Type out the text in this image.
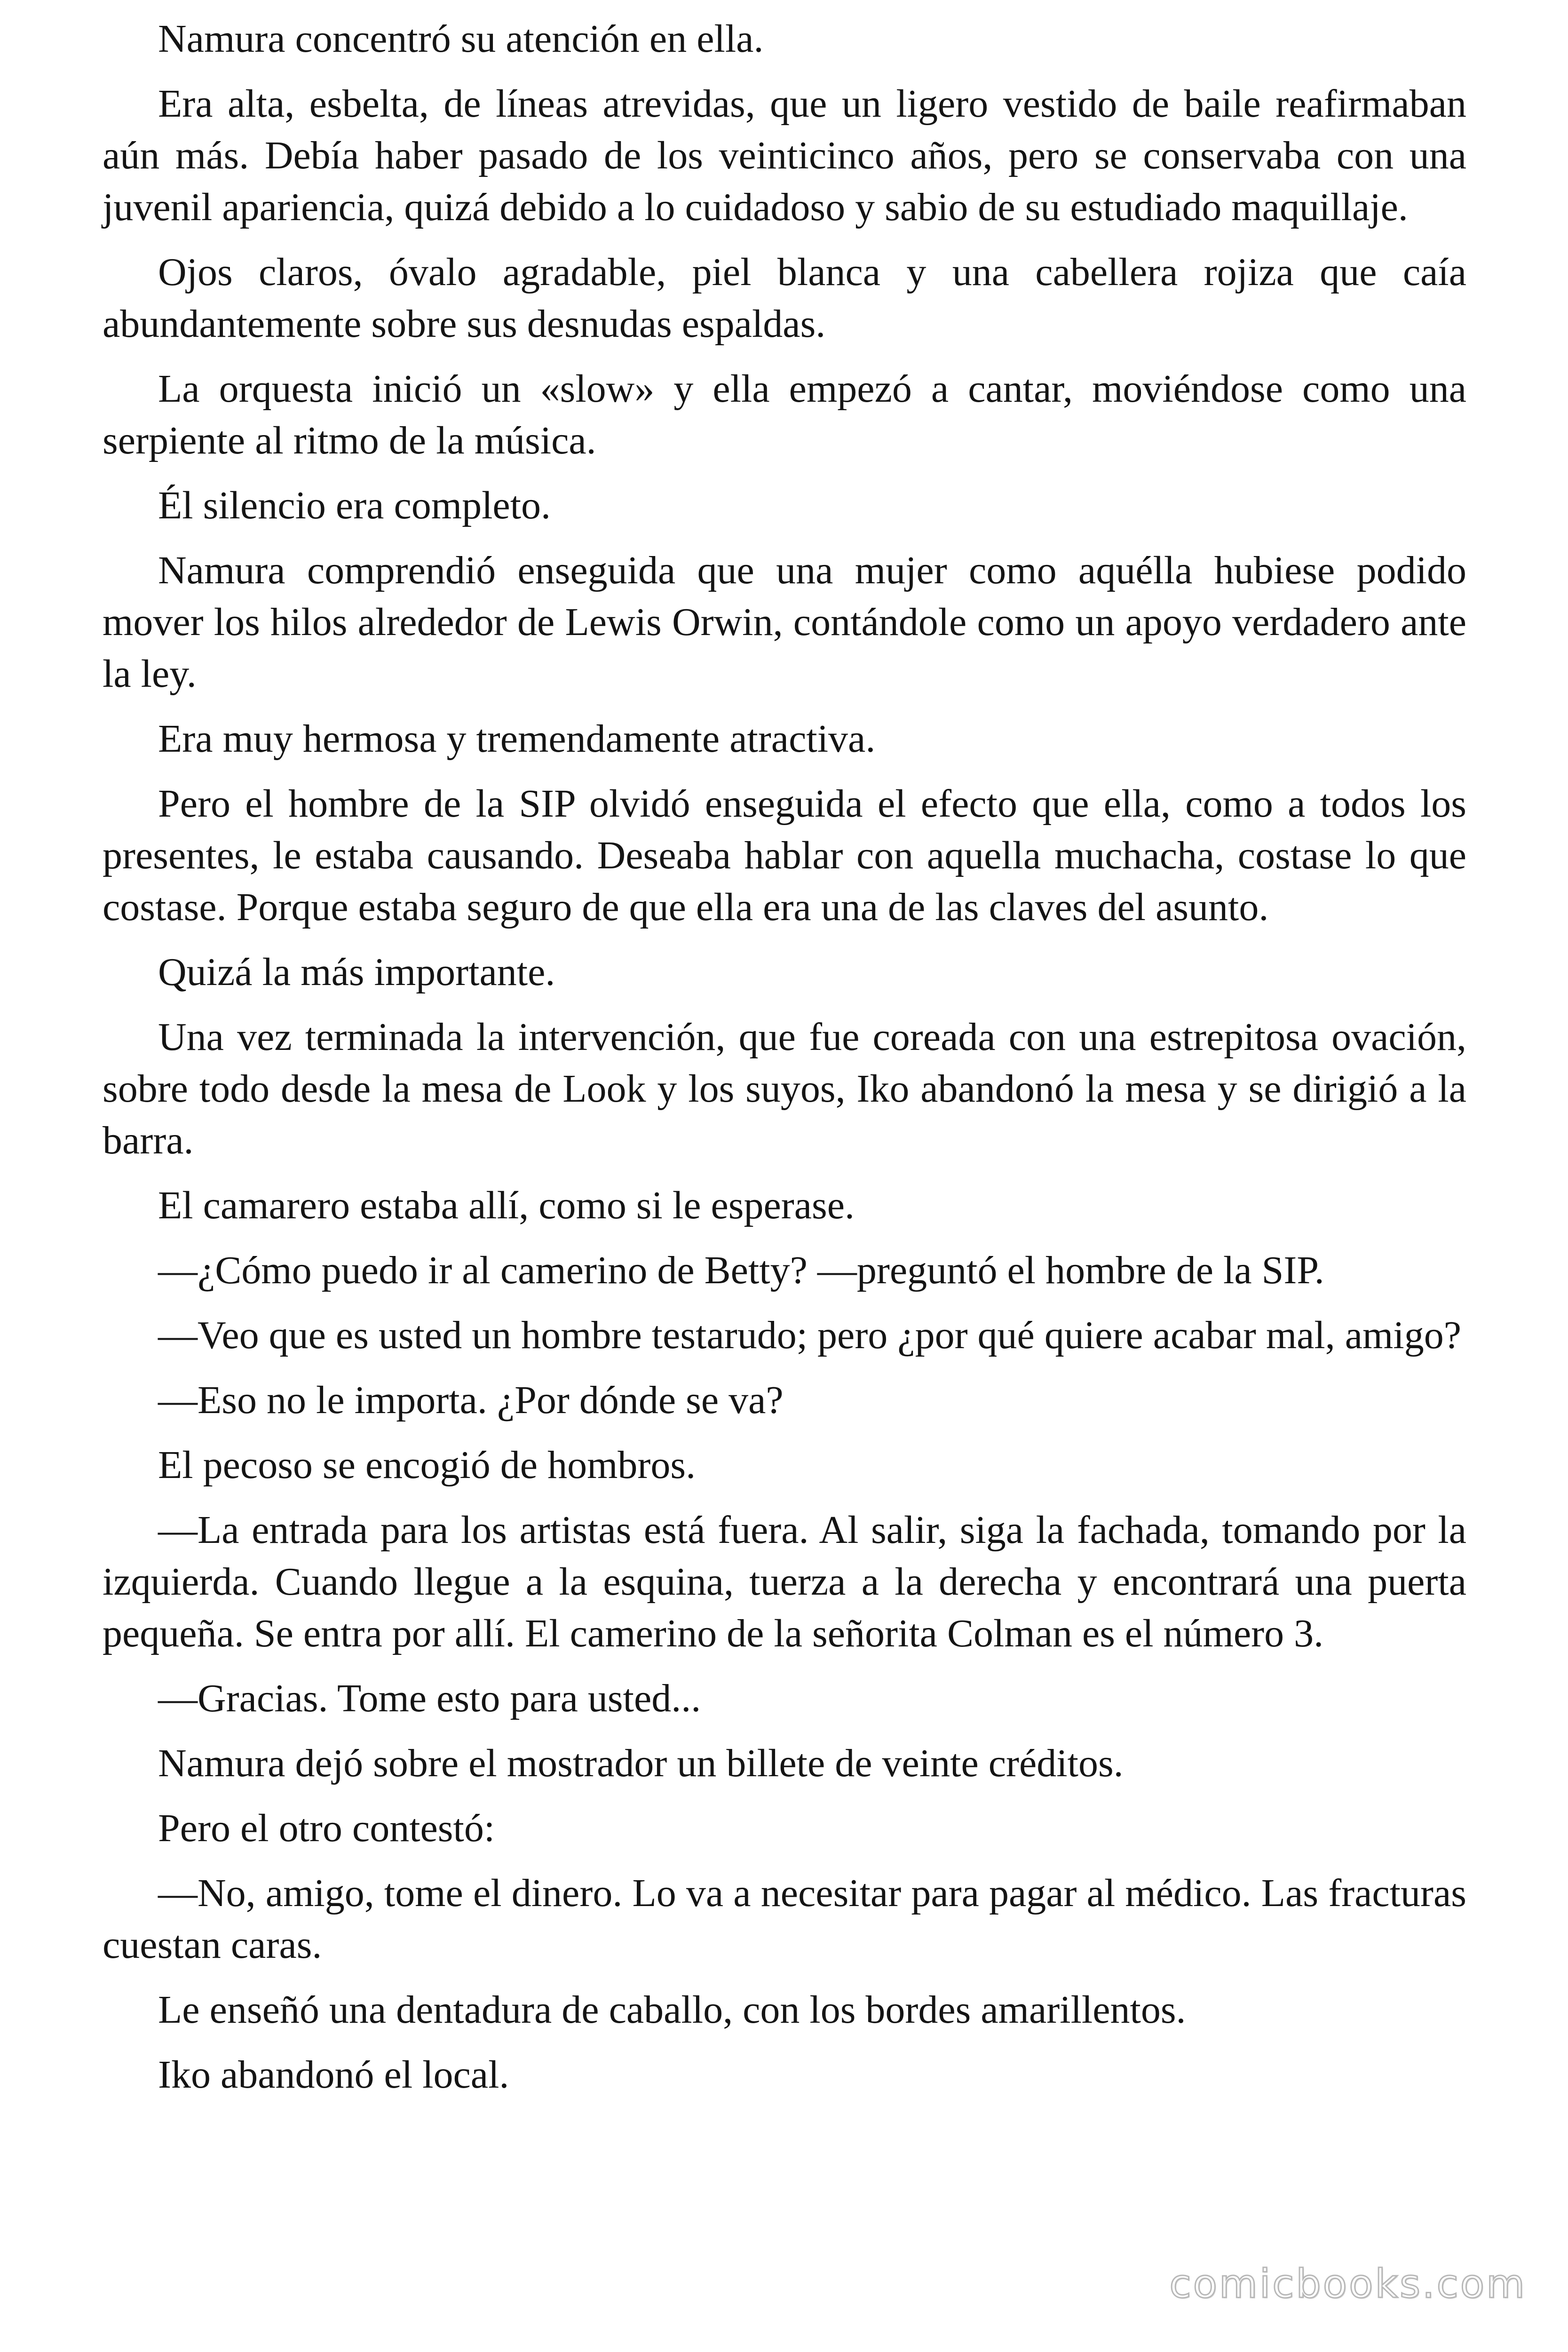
Namura concentró su atención en ella.

Era alta, esbelta, de líneas atrevidas, que un ligero vestido de baile reafirmaban aún más. Debía haber pasado de los veinticinco años, pero se conservaba con una juvenil apariencia, quizá debido a lo cuidadoso y sabio de su estudiado maquillaje.

Ojos claros, óvalo agradable, piel blanca y una cabellera rojiza que caía abundantemente sobre sus desnudas espaldas.

La orquesta inició un «slow» y ella empezó a cantar, moviéndose como una serpiente al ritmo de la música.

Él silencio era completo.

Namura comprendió enseguida que una mujer como aquélla hubiese podido mover los hilos alrededor de Lewis Orwin, contándole como un apoyo verdadero ante la ley.

Era muy hermosa y tremendamente atractiva.

Pero el hombre de la SIP olvidó enseguida el efecto que ella, como a todos los presentes, le estaba causando. Deseaba hablar con aquella muchacha, costase lo que costase. Porque estaba seguro de que ella era una de las claves del asunto.

Quizá la más importante.

Una vez terminada la intervención, que fue coreada con una estrepitosa ovación, sobre todo desde la mesa de Look y los suyos, Iko abandonó la mesa y se dirigió a la barra.

El camarero estaba allí, como si le esperase.

—¿Cómo puedo ir al camerino de Betty? —preguntó el hombre de la SIP.

—Veo que es usted un hombre testarudo; pero ¿por qué quiere acabar mal, amigo?

—Eso no le importa. ¿Por dónde se va?

El pecoso se encogió de hombros.

—La entrada para los artistas está fuera. Al salir, siga la fachada, tomando por la izquierda. Cuando llegue a la esquina, tuerza a la derecha y encontrará una puerta pequeña. Se entra por allí. El camerino de la señorita Colman es el número 3.

—Gracias. Tome esto para usted...

Namura dejó sobre el mostrador un billete de veinte créditos.

Pero el otro contestó:

—No, amigo, tome el dinero. Lo va a necesitar para pagar al médico. Las fracturas cuestan caras.

Le enseñó una dentadura de caballo, con los bordes amarillentos.

Iko abandonó el local.

comicbooks.com
